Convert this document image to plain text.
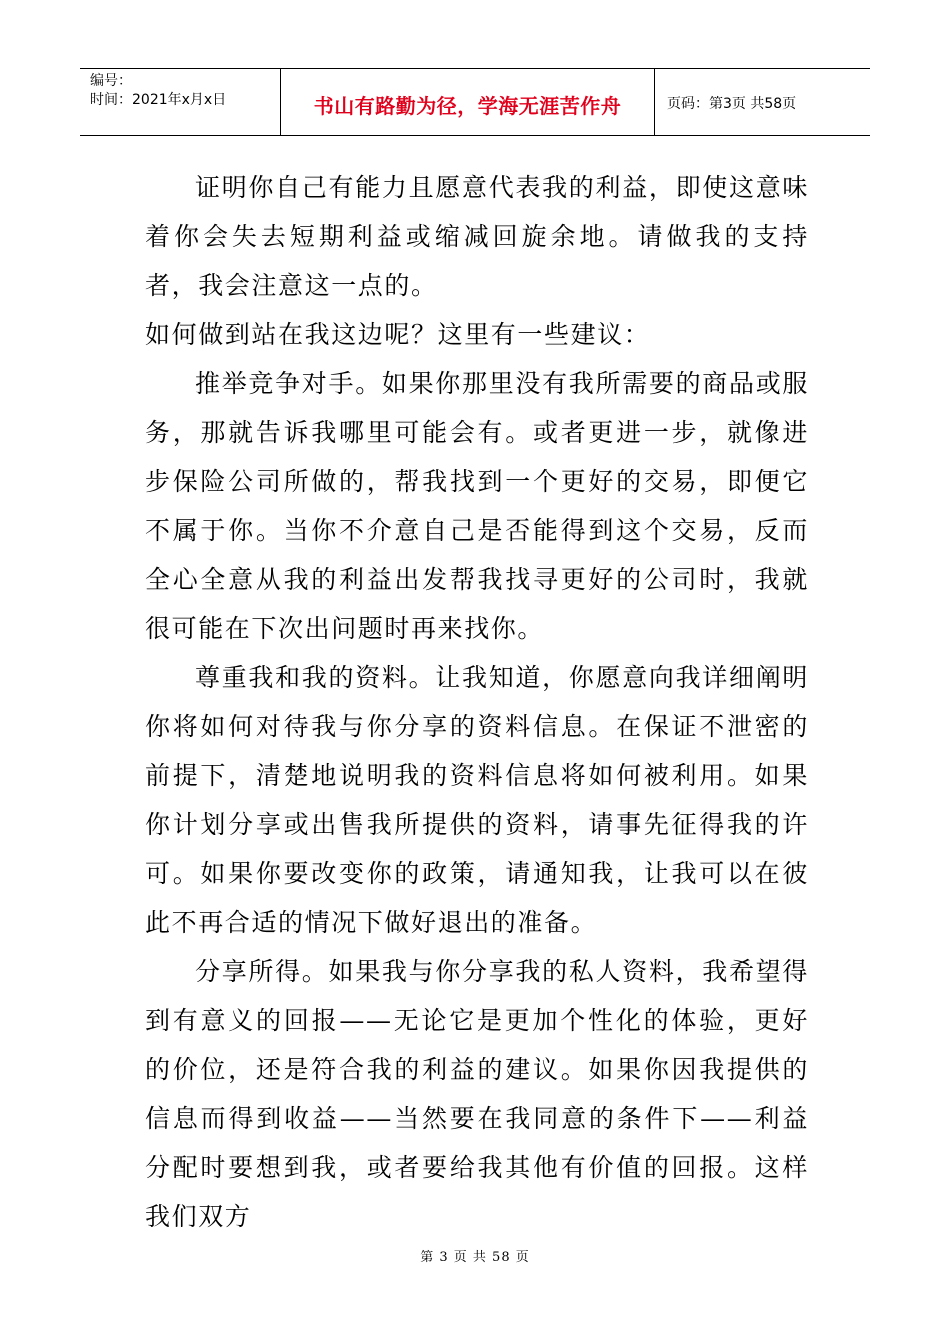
编号：
时间：2021年x月x日	书山有路勤为径，学海无涯苦作舟	页码：第3页 共58页

证明你自己有能力且愿意代表我的利益，即使这意味着你会失去短期利益或缩减回旋余地。请做我的支持者，我会注意这一点的。

如何做到站在我这边呢？这里有一些建议：

推举竞争对手。如果你那里没有我所需要的商品或服务，那就告诉我哪里可能会有。或者更进一步，就像进步保险公司所做的，帮我找到一个更好的交易，即便它不属于你。当你不介意自己是否能得到这个交易，反而全心全意从我的利益出发帮我找寻更好的公司时，我就很可能在下次出问题时再来找你。

尊重我和我的资料。让我知道，你愿意向我详细阐明你将如何对待我与你分享的资料信息。在保证不泄密的前提下，清楚地说明我的资料信息将如何被利用。如果你计划分享或出售我所提供的资料，请事先征得我的许可。如果你要改变你的政策，请通知我，让我可以在彼此不再合适的情况下做好退出的准备。

分享所得。如果我与你分享我的私人资料，我希望得到有意义的回报——无论它是更加个性化的体验，更好的价位，还是符合我的利益的建议。如果你因我提供的信息而得到收益——当然要在我同意的条件下——利益分配时要想到我，或者要给我其他有价值的回报。这样我们双方

第 3 页 共 58 页
